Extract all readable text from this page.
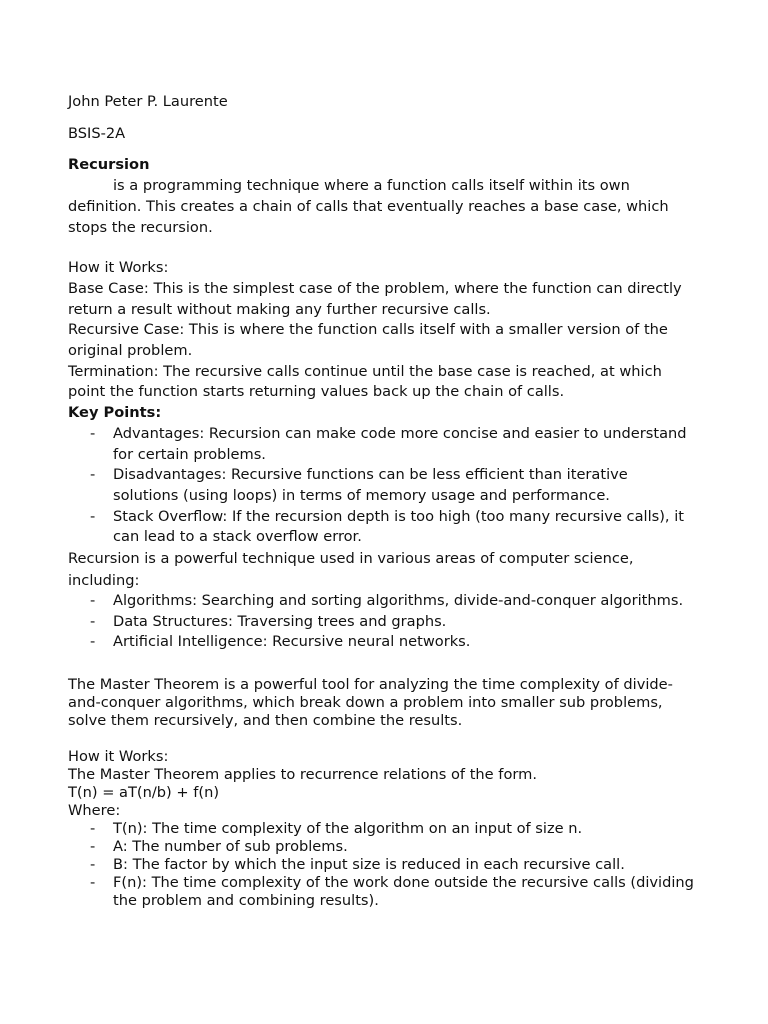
John Peter P. Laurente

BSIS-2A

Recursion

is a programming technique where a function calls itself within its own definition. This creates a chain of calls that eventually reaches a base case, which stops the recursion.

How it Works:

Base Case: This is the simplest case of the problem, where the function can directly return a result without making any further recursive calls.

Recursive Case: This is where the function calls itself with a smaller version of the original problem.

Termination: The recursive calls continue until the base case is reached, at which point the function starts returning values back up the chain of calls.

Key Points:

- Advantages: Recursion can make code more concise and easier to understand for certain problems.
- Disadvantages: Recursive functions can be less efficient than iterative solutions (using loops) in terms of memory usage and performance.
- Stack Overflow: If the recursion depth is too high (too many recursive calls), it can lead to a stack overflow error.

Recursion is a powerful technique used in various areas of computer science, including:

- Algorithms: Searching and sorting algorithms, divide-and-conquer algorithms.
- Data Structures: Traversing trees and graphs.
- Artificial Intelligence: Recursive neural networks.

The Master Theorem is a powerful tool for analyzing the time complexity of divide-and-conquer algorithms, which break down a problem into smaller sub problems, solve them recursively, and then combine the results.

How it Works:

The Master Theorem applies to recurrence relations of the form.

T(n) = aT(n/b) + f(n)

Where:

- T(n): The time complexity of the algorithm on an input of size n.
- A: The number of sub problems.
- B: The factor by which the input size is reduced in each recursive call.
- F(n): The time complexity of the work done outside the recursive calls (dividing the problem and combining results).
